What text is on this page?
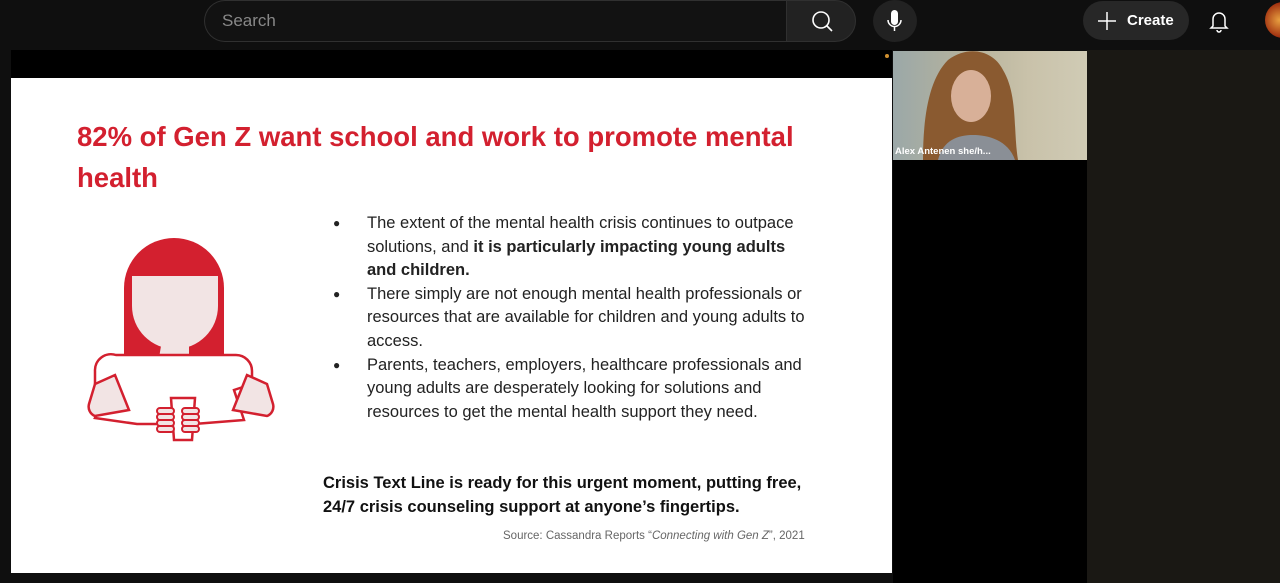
Search	Create
82% of Gen Z want school and work to promote mental health
● The extent of the mental health crisis continues to outpace solutions, and it is particularly impacting young adults and children.
● There simply are not enough mental health professionals or resources that are available for children and young adults to access.
● Parents, teachers, employers, healthcare professionals and young adults are desperately looking for solutions and resources to get the mental health support they need.
Crisis Text Line is ready for this urgent moment, putting free, 24/7 crisis counseling support at anyone’s fingertips.
Source: Cassandra Reports “Connecting with Gen Z”, 2021
Alex Antenen she/h...
